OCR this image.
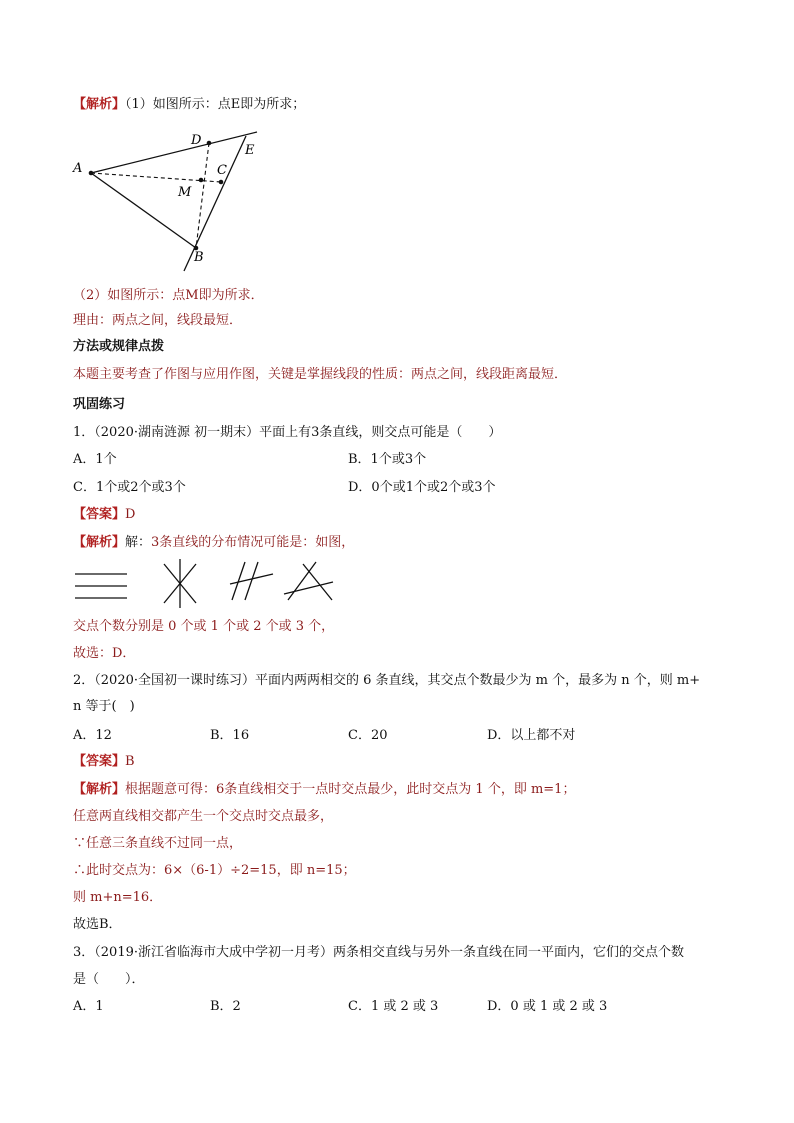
【解析】（1）如图所示：点E即为所求；
A
B
C
D
E
M
（2）如图所示：点M即为所求．
理由：两点之间，线段最短．
方法或规律点拨
本题主要考查了作图与应用作图，关键是掌握线段的性质：两点之间，线段距离最短．
巩固练习
1．（2020·湖南涟源 初一期末）平面上有3条直线，则交点可能是（　　）
A．1个	B．1个或3个
C．1个或2个或3个	D．0个或1个或2个或3个
【答案】D
【解析】解：3条直线的分布情况可能是：如图，
交点个数分别是 0 个或 1 个或 2 个或 3 个，
故选：D．
2．（2020·全国初一课时练习）平面内两两相交的 6 条直线，其交点个数最少为 m 个，最多为 n 个，则 m+
n 等于(　)
A．12	B．16	C．20	D．以上都不对
【答案】B
【解析】根据题意可得：6条直线相交于一点时交点最少，此时交点为 1 个，即 m=1；
任意两直线相交都产生一个交点时交点最多，
∵任意三条直线不过同一点，
∴此时交点为：6×（6-1）÷2=15，即 n=15；
则 m+n=16．
故选B．
3．（2019·浙江省临海市大成中学初一月考）两条相交直线与另外一条直线在同一平面内，它们的交点个数
是（　　）．
A．1	B．2	C．1 或 2 或 3	D．0 或 1 或 2 或 3
